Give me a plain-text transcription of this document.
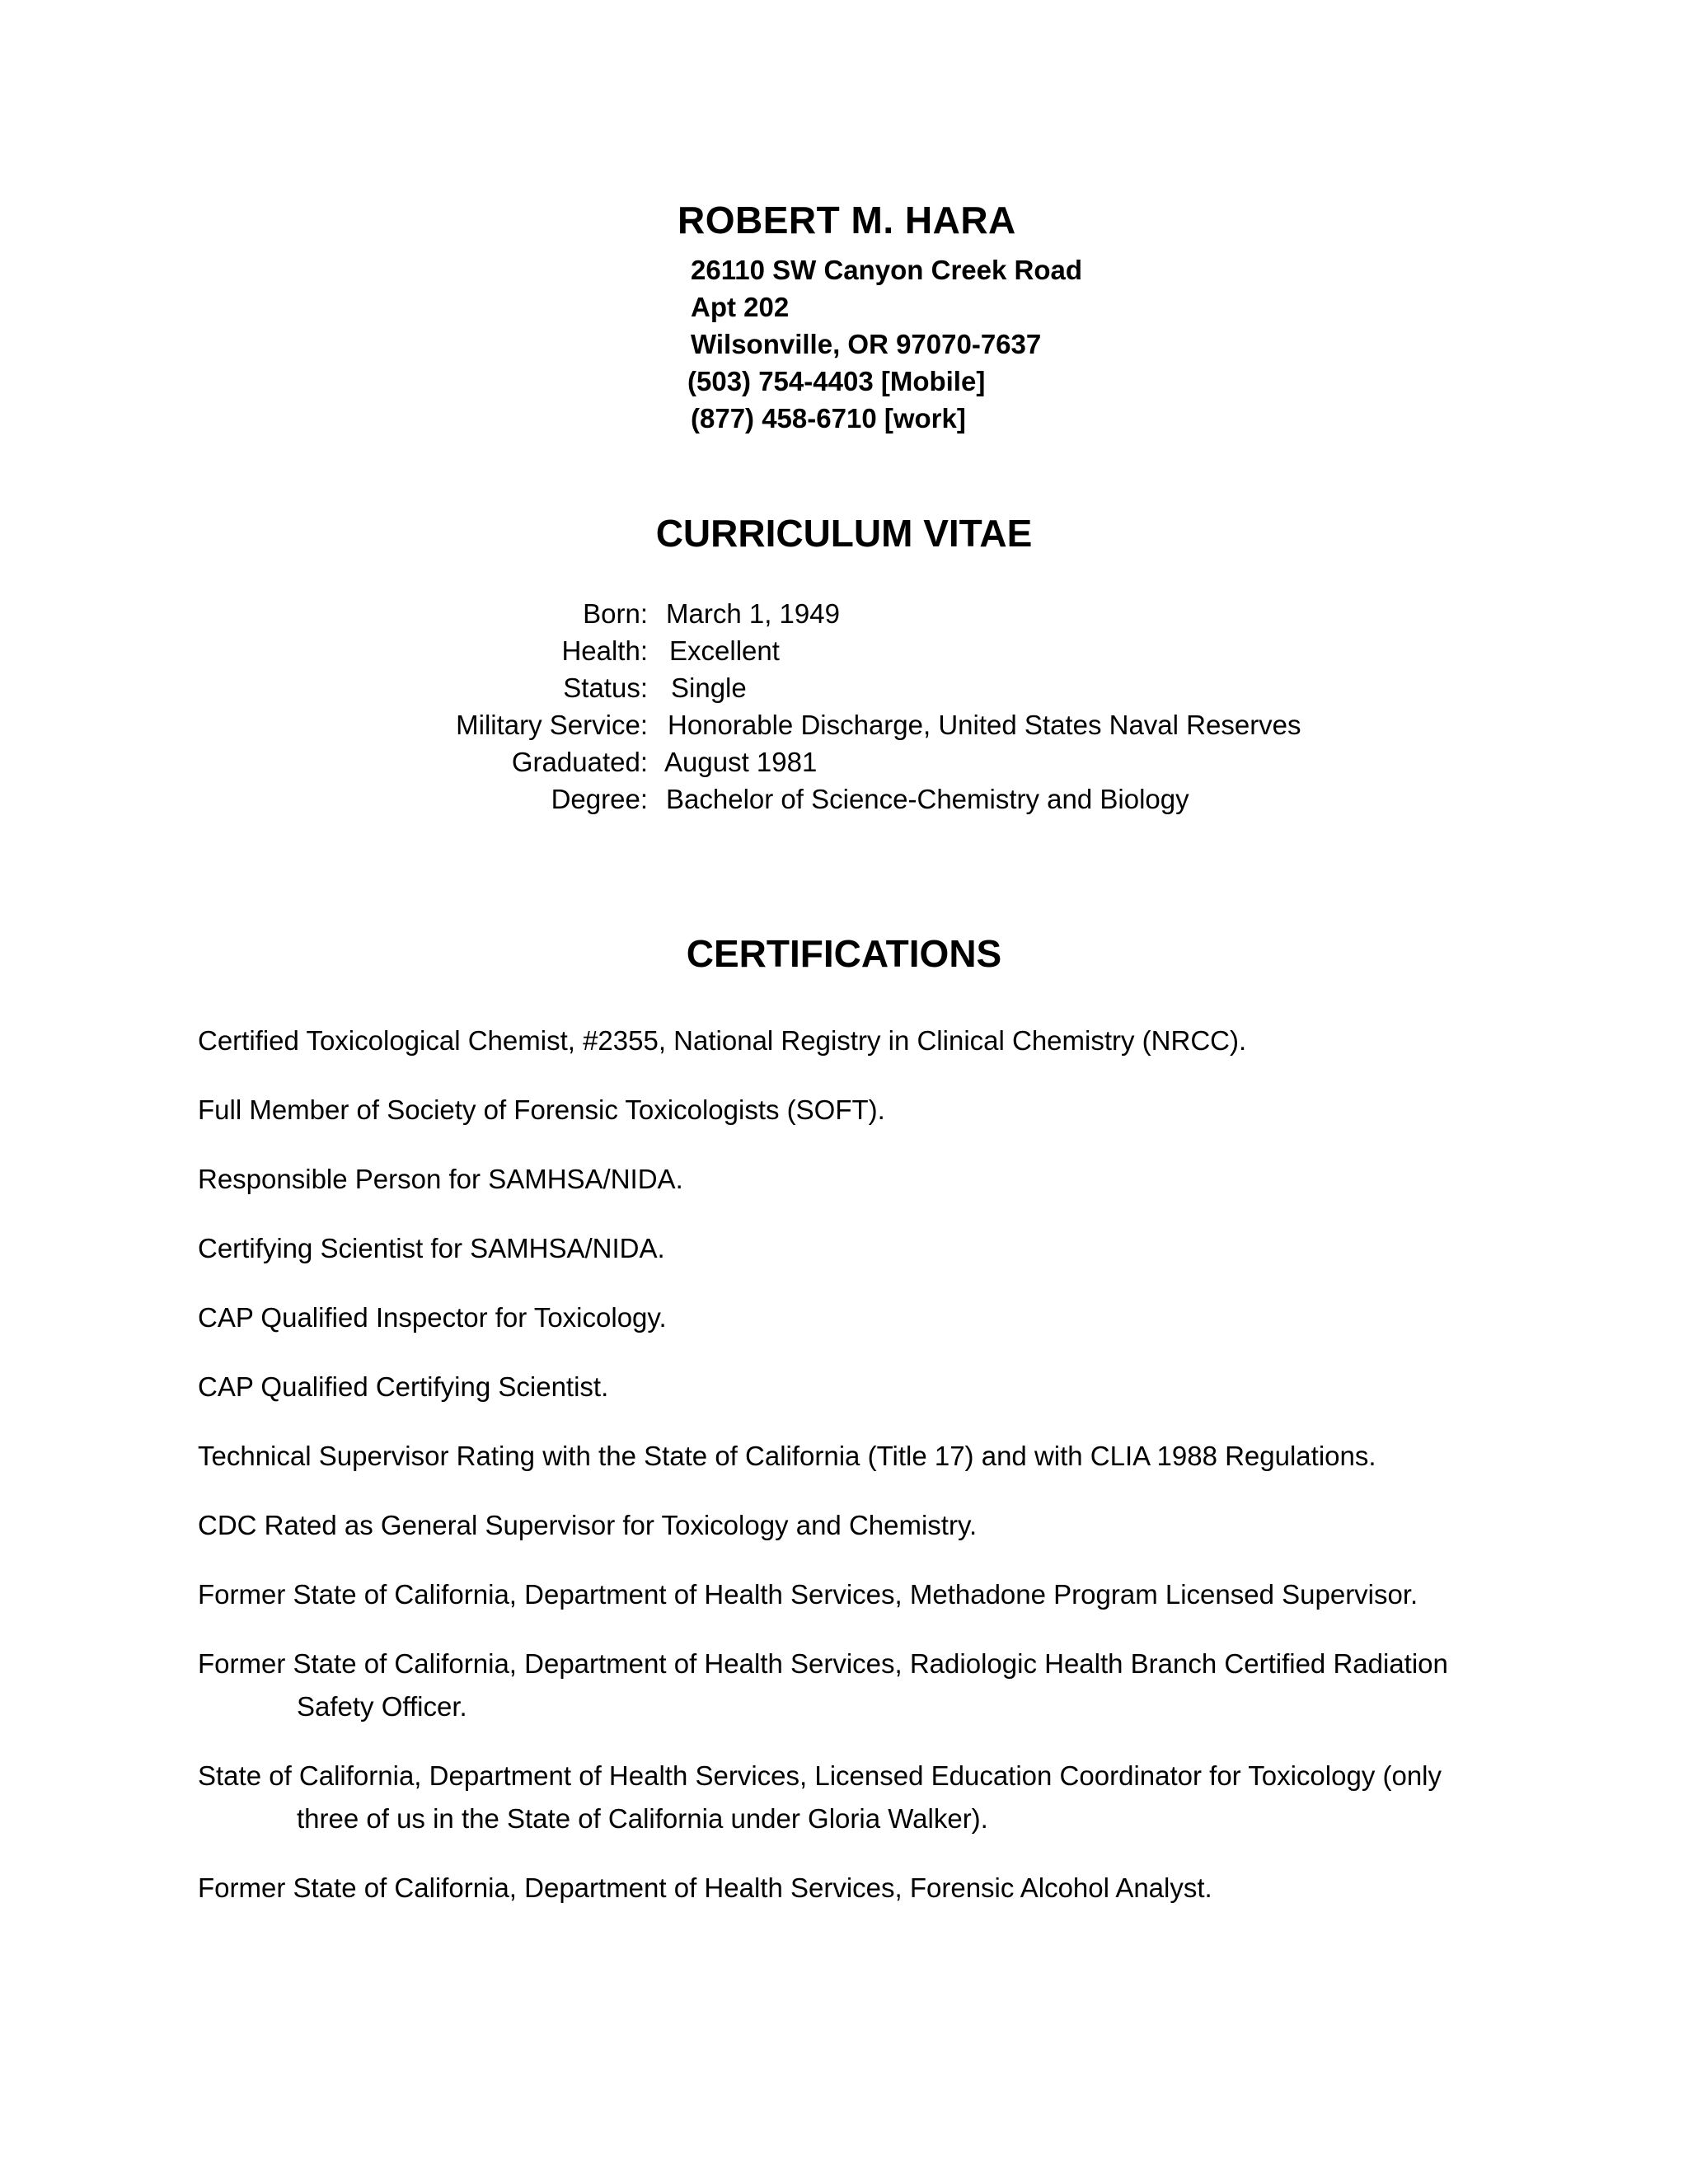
ROBERT M. HARA
26110 SW Canyon Creek Road
Apt 202
Wilsonville, OR 97070-7637
(503) 754-4403 [Mobile]
(877) 458-6710 [work]
CURRICULUM VITAE
Born: March 1, 1949
Health: Excellent
Status: Single
Military Service: Honorable Discharge, United States Naval Reserves
Graduated: August 1981
Degree: Bachelor of Science-Chemistry and Biology
CERTIFICATIONS
Certified Toxicological Chemist, #2355, National Registry in Clinical Chemistry (NRCC).
Full Member of Society of Forensic Toxicologists (SOFT).
Responsible Person for SAMHSA/NIDA.
Certifying Scientist for SAMHSA/NIDA.
CAP Qualified Inspector for Toxicology.
CAP Qualified Certifying Scientist.
Technical Supervisor Rating with the State of California (Title 17) and with CLIA 1988 Regulations.
CDC Rated as General Supervisor for Toxicology and Chemistry.
Former State of California, Department of Health Services, Methadone Program Licensed Supervisor.
Former State of California, Department of Health Services, Radiologic Health Branch Certified Radiation
Safety Officer.
State of California, Department of Health Services, Licensed Education Coordinator for Toxicology (only
three of us in the State of California under Gloria Walker).
Former State of California, Department of Health Services, Forensic Alcohol Analyst.
